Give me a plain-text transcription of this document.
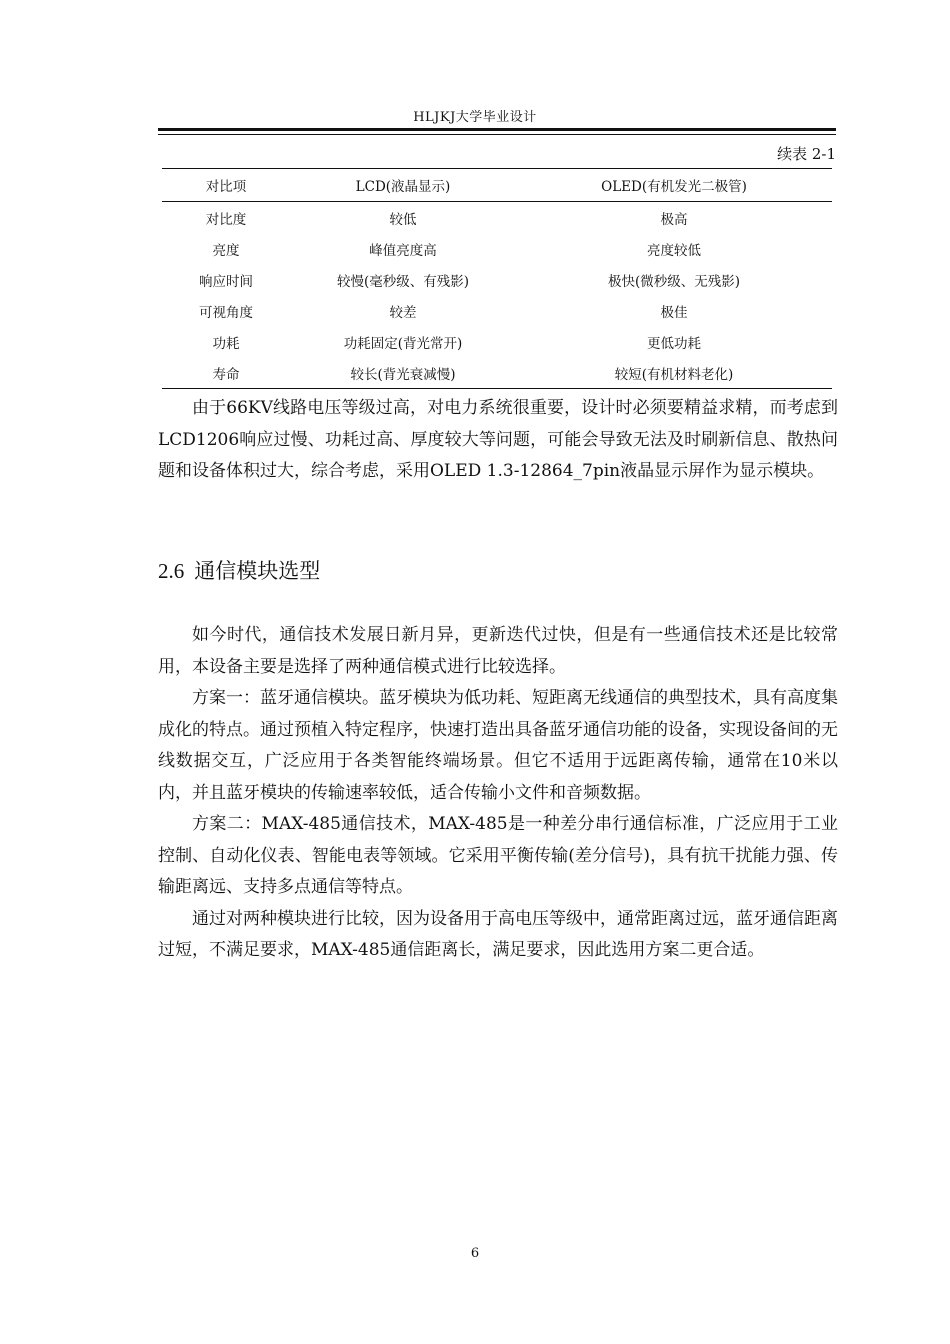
HLJKJ大学毕业设计
续表 2-1
对比项	LCD(液晶显示)	OLED(有机发光二极管)
对比度	较低	极高
亮度	峰值亮度高	亮度较低
响应时间	较慢(毫秒级、有残影)	极快(微秒级、无残影)
可视角度	较差	极佳
功耗	功耗固定(背光常开)	更低功耗
寿命	较长(背光衰减慢)	较短(有机材料老化)

由于66KV线路电压等级过高，对电力系统很重要，设计时必须要精益求精，而考虑到LCD1206响应过慢、功耗过高、厚度较大等问题，可能会导致无法及时刷新信息、散热问题和设备体积过大，综合考虑，采用OLED 1.3-12864_7pin液晶显示屏作为显示模块。

2.6 通信模块选型

如今时代，通信技术发展日新月异，更新迭代过快，但是有一些通信技术还是比较常用，本设备主要是选择了两种通信模式进行比较选择。

方案一：蓝牙通信模块。蓝牙模块为低功耗、短距离无线通信的典型技术，具有高度集成化的特点。通过预植入特定程序，快速打造出具备蓝牙通信功能的设备，实现设备间的无线数据交互，广泛应用于各类智能终端场景。但它不适用于远距离传输，通常在10米以内，并且蓝牙模块的传输速率较低，适合传输小文件和音频数据。

方案二：MAX-485通信技术，MAX-485是一种差分串行通信标准，广泛应用于工业控制、自动化仪表、智能电表等领域。它采用平衡传输(差分信号)，具有抗干扰能力强、传输距离远、支持多点通信等特点。

通过对两种模块进行比较，因为设备用于高电压等级中，通常距离过远，蓝牙通信距离过短，不满足要求，MAX-485通信距离长，满足要求，因此选用方案二更合适。

6
